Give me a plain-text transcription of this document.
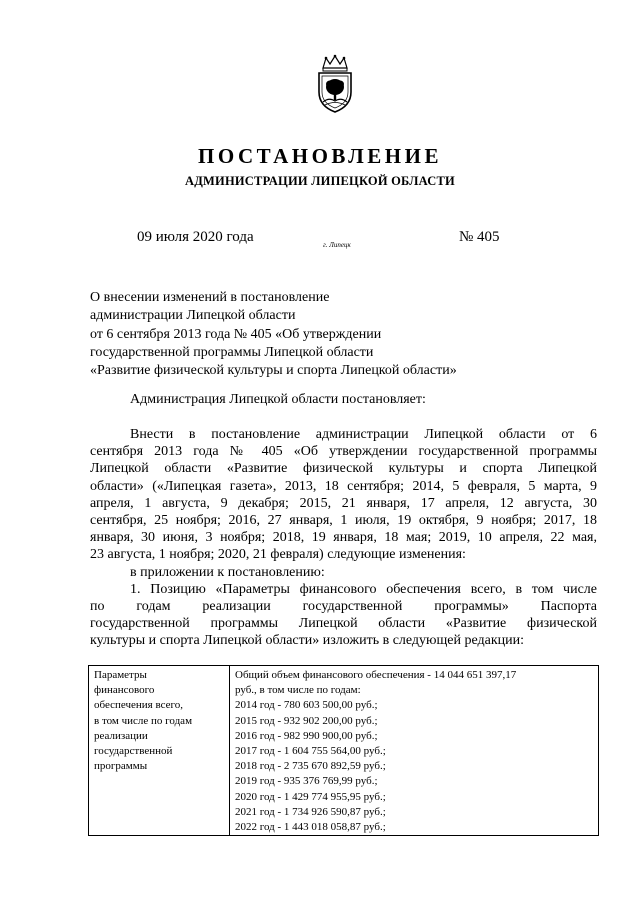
ПОСТАНОВЛЕНИЕ
АДМИНИСТРАЦИИ ЛИПЕЦКОЙ ОБЛАСТИ
09 июля 2020 года	г. Липецк	№ 405
О внесении изменений в постановление
администрации Липецкой области
от 6 сентября 2013 года № 405 «Об утверждении
государственной программы Липецкой области
«Развитие физической культуры и спорта Липецкой области»
Администрация Липецкой области постановляет:

Внести в постановление администрации Липецкой области от 6

сентября 2013 года № 405 «Об утверждении государственной программы

Липецкой области «Развитие физической культуры и спорта Липецкой

области» («Липецкая газета», 2013, 18 сентября; 2014, 5 февраля, 5 марта, 9

апреля, 1 августа, 9 декабря; 2015, 21 января, 17 апреля, 12 августа, 30

сентября, 25 ноября; 2016, 27 января, 1 июля, 19 октября, 9 ноября; 2017, 18

января, 30 июня, 3 ноября; 2018, 19 января, 18 мая; 2019, 10 апреля, 22 мая,

23 августа, 1 ноября; 2020, 21 февраля) следующие изменения:

в приложении к постановлению:

1. Позицию «Параметры финансового обеспечения всего, в том числе

по годам реализации государственной программы» Паспорта

государственной программы Липецкой области «Развитие физической

культуры и спорта Липецкой области» изложить в следующей редакции:

Параметры
финансового
обеспечения всего,
в том числе по годам
реализации
государственной
программы

Общий объем финансового обеспечения - 14 044 651 397,17
руб., в том числе по годам:
2014 год - 780 603 500,00 руб.;
2015 год - 932 902 200,00 руб.;
2016 год - 982 990 900,00 руб.;
2017 год - 1 604 755 564,00 руб.;
2018 год - 2 735 670 892,59 руб.;
2019 год - 935 376 769,99 руб.;
2020 год - 1 429 774 955,95 руб.;
2021 год - 1 734 926 590,87 руб.;
2022 год - 1 443 018 058,87 руб.;
